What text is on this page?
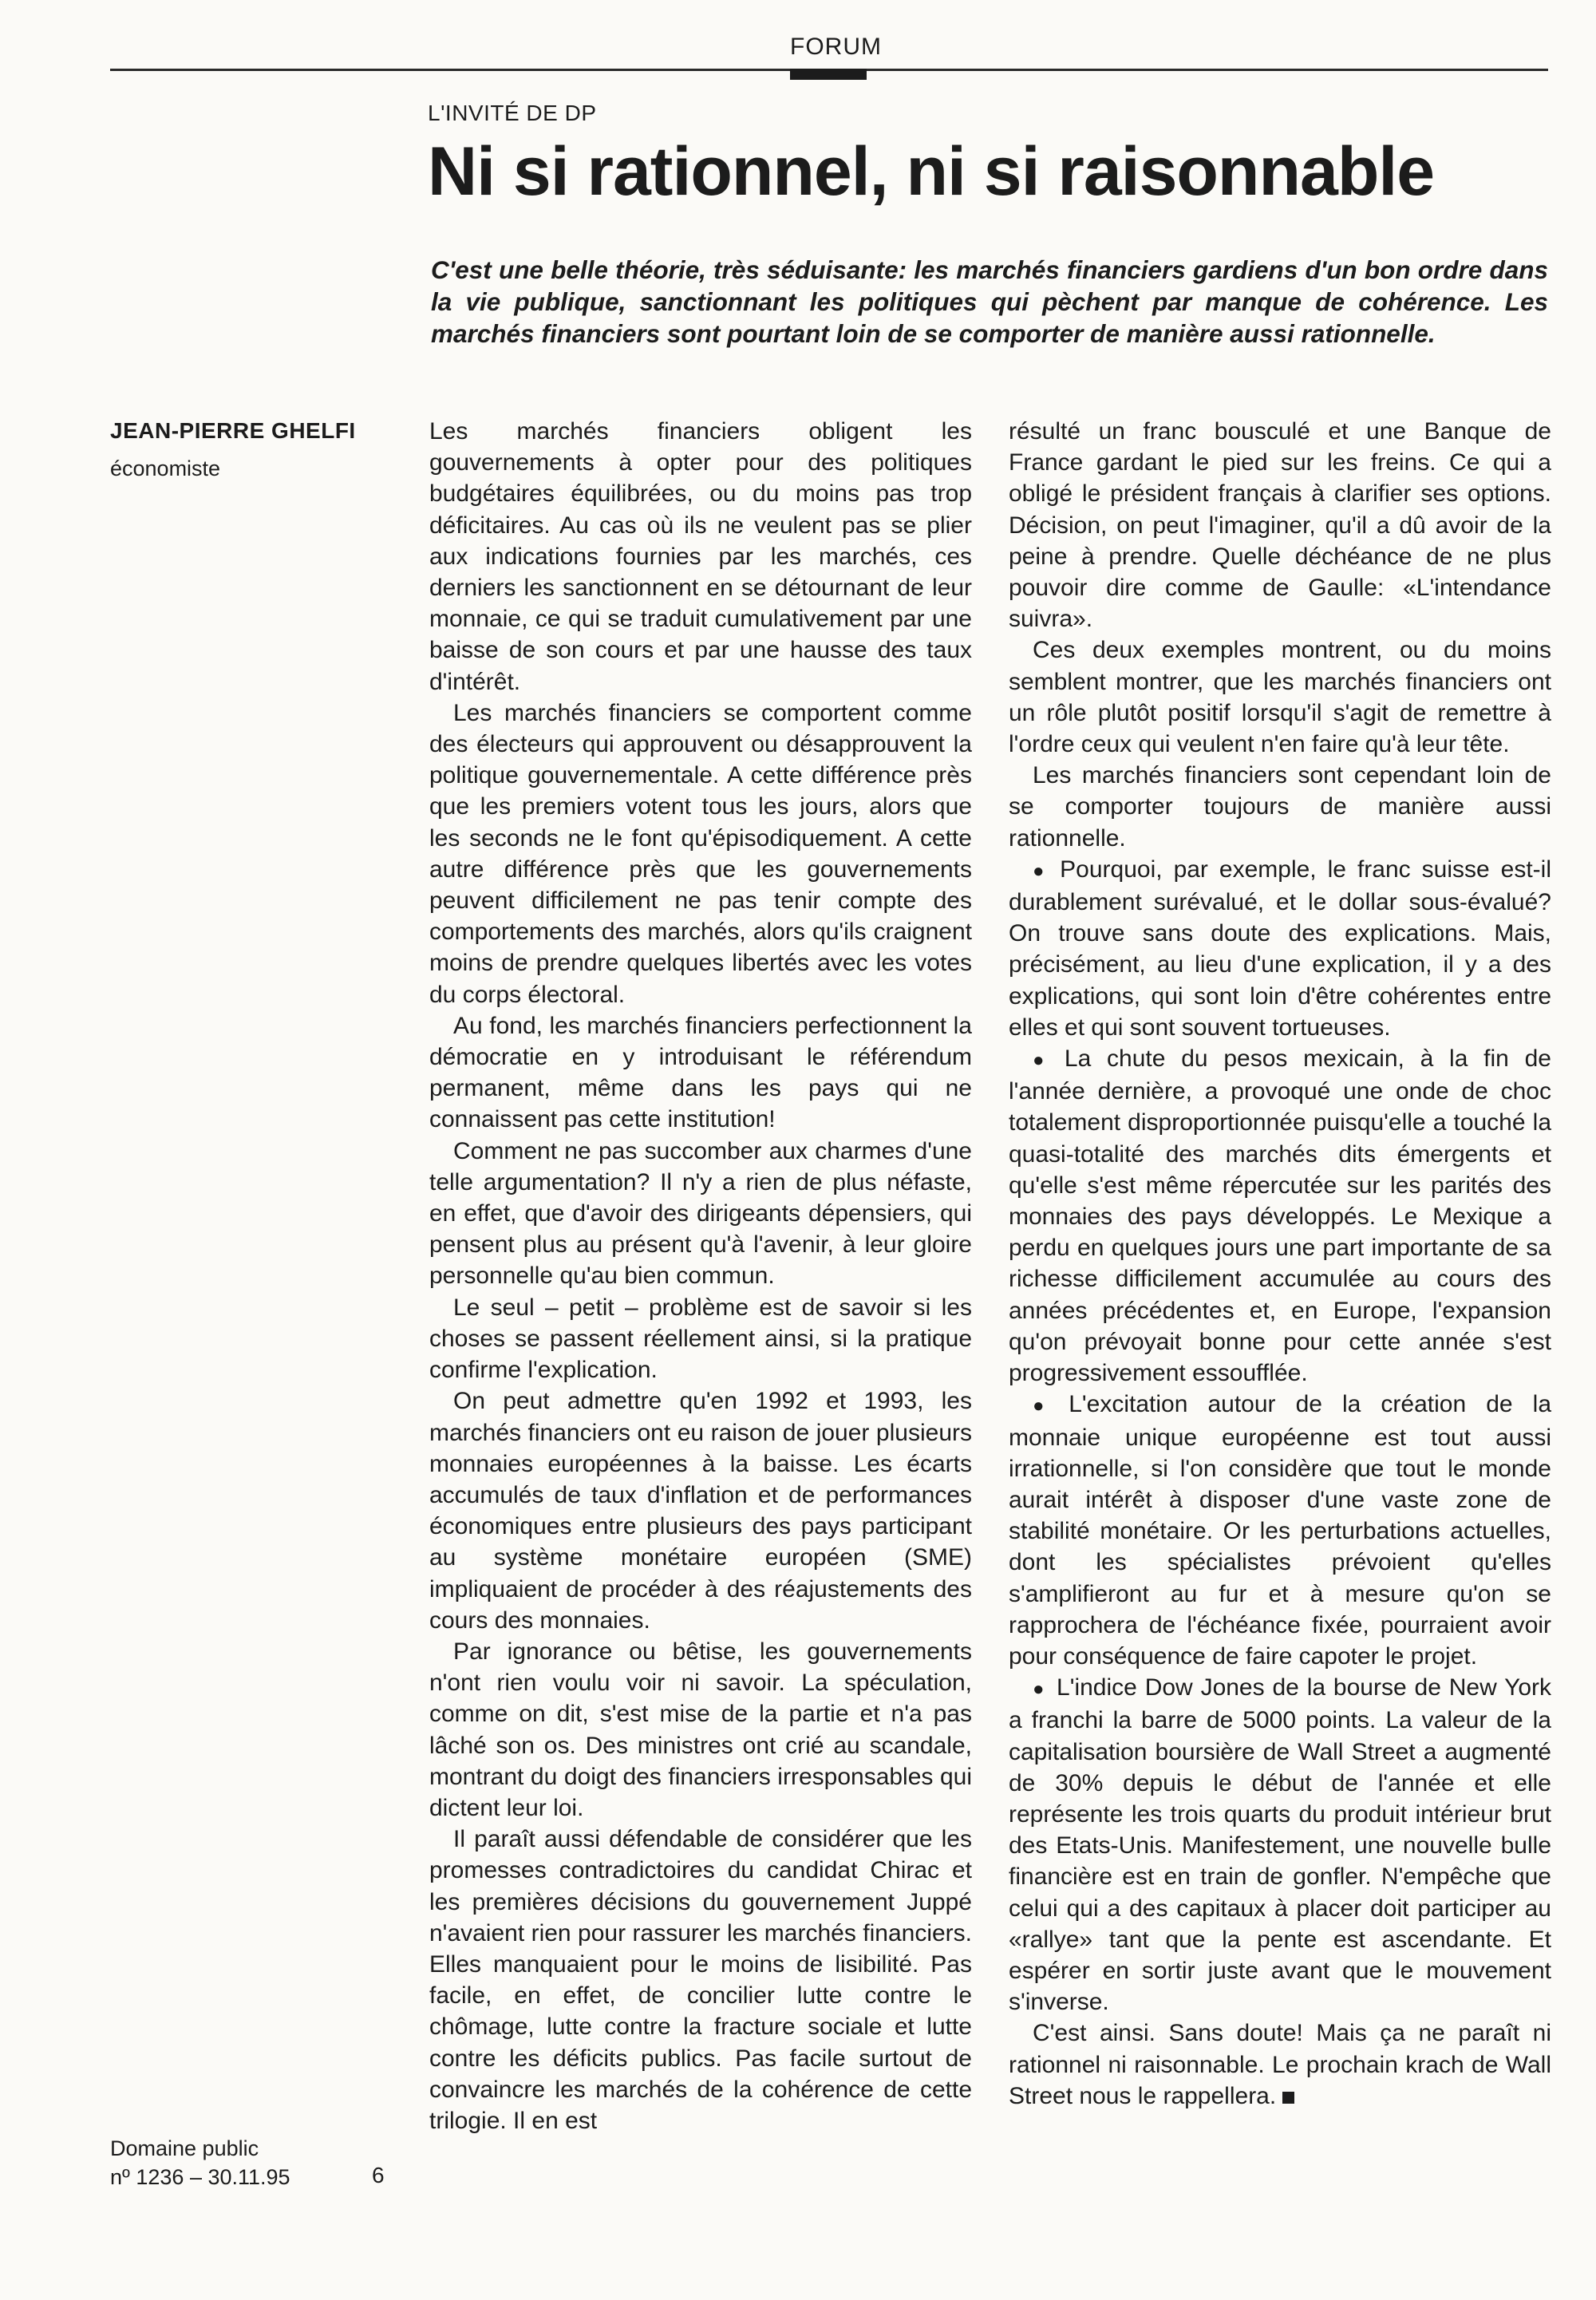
FORUM
L'INVITÉ DE DP
Ni si rationnel, ni si raisonnable

C'est une belle théorie, très séduisante: les marchés financiers gardiens d'un bon ordre dans la vie publique, sanctionnant les politiques qui pèchent par manque de cohérence. Les marchés financiers sont pourtant loin de se comporter de manière aussi rationnelle.

JEAN-PIERRE GHELFI
économiste

Les marchés financiers obligent les gouvernements à opter pour des politiques budgétaires équilibrées, ou du moins pas trop déficitaires. Au cas où ils ne veulent pas se plier aux indications fournies par les marchés, ces derniers les sanctionnent en se détournant de leur monnaie, ce qui se traduit cumulativement par une baisse de son cours et par une hausse des taux d'intérêt.

Les marchés financiers se comportent comme des électeurs qui approuvent ou désapprouvent la politique gouvernementale. A cette différence près que les premiers votent tous les jours, alors que les seconds ne le font qu'épisodiquement. A cette autre différence près que les gouvernements peuvent difficilement ne pas tenir compte des comportements des marchés, alors qu'ils craignent moins de prendre quelques libertés avec les votes du corps électoral.

Au fond, les marchés financiers perfectionnent la démocratie en y introduisant le référendum permanent, même dans les pays qui ne connaissent pas cette institution!

Comment ne pas succomber aux charmes d'une telle argumentation? Il n'y a rien de plus néfaste, en effet, que d'avoir des dirigeants dépensiers, qui pensent plus au présent qu'à l'avenir, à leur gloire personnelle qu'au bien commun.

Le seul – petit – problème est de savoir si les choses se passent réellement ainsi, si la pratique confirme l'explication.

On peut admettre qu'en 1992 et 1993, les marchés financiers ont eu raison de jouer plusieurs monnaies européennes à la baisse. Les écarts accumulés de taux d'inflation et de performances économiques entre plusieurs des pays participant au système monétaire européen (SME) impliquaient de procéder à des réajustements des cours des monnaies.

Par ignorance ou bêtise, les gouvernements n'ont rien voulu voir ni savoir. La spéculation, comme on dit, s'est mise de la partie et n'a pas lâché son os. Des ministres ont crié au scandale, montrant du doigt des financiers irresponsables qui dictent leur loi.

Il paraît aussi défendable de considérer que les promesses contradictoires du candidat Chirac et les premières décisions du gouvernement Juppé n'avaient rien pour rassurer les marchés financiers. Elles manquaient pour le moins de lisibilité. Pas facile, en effet, de concilier lutte contre le chômage, lutte contre la fracture sociale et lutte contre les déficits publics. Pas facile surtout de convaincre les marchés de la cohérence de cette trilogie. Il en est

résulté un franc bousculé et une Banque de France gardant le pied sur les freins. Ce qui a obligé le président français à clarifier ses options. Décision, on peut l'imaginer, qu'il a dû avoir de la peine à prendre. Quelle déchéance de ne plus pouvoir dire comme de Gaulle: «L'intendance suivra».

Ces deux exemples montrent, ou du moins semblent montrer, que les marchés financiers ont un rôle plutôt positif lorsqu'il s'agit de remettre à l'ordre ceux qui veulent n'en faire qu'à leur tête.

Les marchés financiers sont cependant loin de se comporter toujours de manière aussi rationnelle.

● Pourquoi, par exemple, le franc suisse est-il durablement surévalué, et le dollar sous-évalué? On trouve sans doute des explications. Mais, précisément, au lieu d'une explication, il y a des explications, qui sont loin d'être cohérentes entre elles et qui sont souvent tortueuses.

● La chute du pesos mexicain, à la fin de l'année dernière, a provoqué une onde de choc totalement disproportionnée puisqu'elle a touché la quasi-totalité des marchés dits émergents et qu'elle s'est même répercutée sur les parités des monnaies des pays développés. Le Mexique a perdu en quelques jours une part importante de sa richesse difficilement accumulée au cours des années précédentes et, en Europe, l'expansion qu'on prévoyait bonne pour cette année s'est progressivement essoufflée.

● L'excitation autour de la création de la monnaie unique européenne est tout aussi irrationnelle, si l'on considère que tout le monde aurait intérêt à disposer d'une vaste zone de stabilité monétaire. Or les perturbations actuelles, dont les spécialistes prévoient qu'elles s'amplifieront au fur et à mesure qu'on se rapprochera de l'échéance fixée, pourraient avoir pour conséquence de faire capoter le projet.

● L'indice Dow Jones de la bourse de New York a franchi la barre de 5000 points. La valeur de la capitalisation boursière de Wall Street a augmenté de 30% depuis le début de l'année et elle représente les trois quarts du produit intérieur brut des Etats-Unis. Manifestement, une nouvelle bulle financière est en train de gonfler. N'empêche que celui qui a des capitaux à placer doit participer au «rallye» tant que la pente est ascendante. Et espérer en sortir juste avant que le mouvement s'inverse.

C'est ainsi. Sans doute! Mais ça ne paraît ni rationnel ni raisonnable. Le prochain krach de Wall Street nous le rappellera.

Domaine public
nº 1236 – 30.11.95	6
